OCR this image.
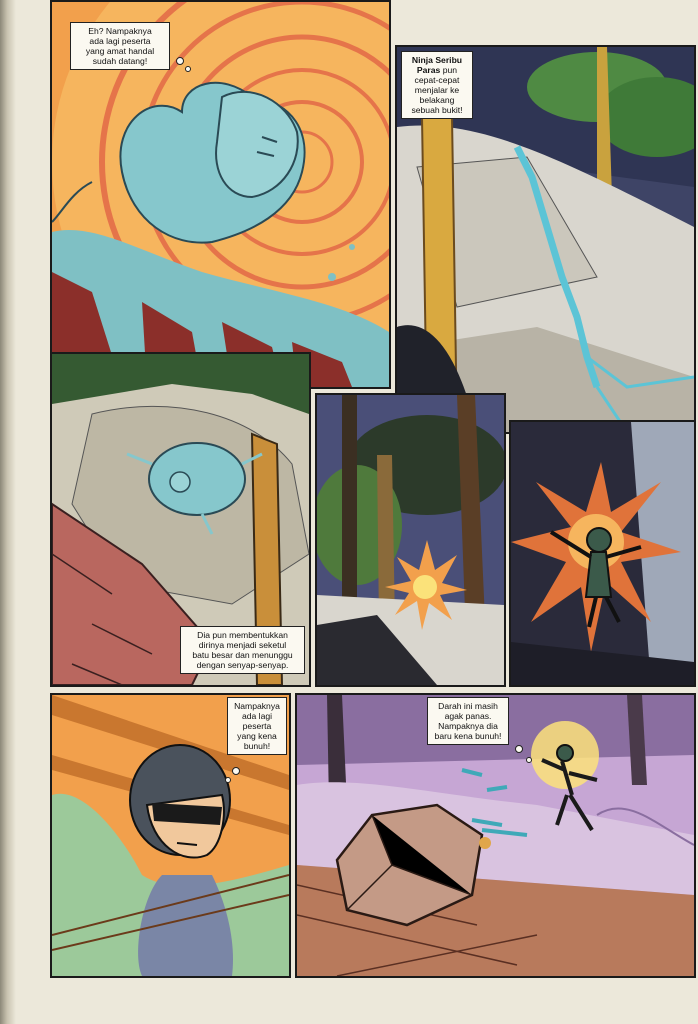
Eh? Nampaknya
ada lagi peserta
yang amat handal
sudah datang!	Ninja Seribu
Paras pun
cepat-cepat
menjalar ke
belakang
sebuah bukit!
Dia pun membentukkan
dirinya menjadi seketul
batu besar dan menunggu
dengan senyap-senyap.
Nampaknya
ada lagi
peserta
yang kena
bunuh!
Darah ini masih
agak panas.
Nampaknya dia
baru kena bunuh!
